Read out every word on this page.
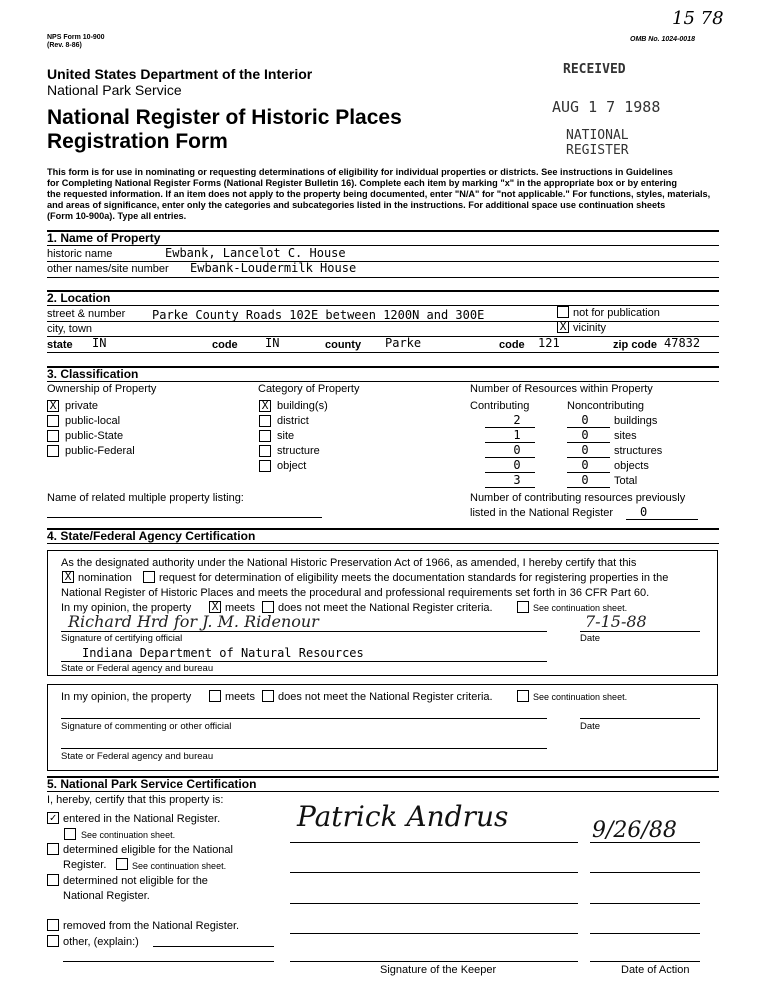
NPS Form 10-900
(Rev. 8-86)
OMB No. 1024-0018
15 78
United States Department of the Interior
National Park Service
National Register of Historic Places
Registration Form
RECEIVED
AUG 1 7 1988
NATIONAL
REGISTER
This form is for use in nominating or requesting determinations of eligibility for individual properties or districts. See instructions in Guidelines
for Completing National Register Forms (National Register Bulletin 16). Complete each item by marking "x" in the appropriate box or by entering
the requested information. If an item does not apply to the property being documented, enter "N/A" for "not applicable." For functions, styles, materials,
and areas of significance, enter only the categories and subcategories listed in the instructions. For additional space use continuation sheets
(Form 10-900a). Type all entries.
1. Name of Property
historic name	Ewbank, Lancelot C. House
other names/site number Ewbank-Loudermilk House
2. Location
street & number Parke County Roads 102E between 1200N and 300E	not for publication
city, town	X vicinity
state IN	code IN	county Parke	code 121	zip code 47832
3. Classification
Ownership of Property
X private
public-local
public-State
public-Federal
Category of Property
X building(s)
district
site
structure
object
Number of Resources within Property
Contributing	Noncontributing
2	0	buildings
1	0	sites
0	0	structures
0	0	objects
3	0	Total
Name of related multiple property listing:	Number of contributing resources previously
listed in the National Register 0
4. State/Federal Agency Certification
As the designated authority under the National Historic Preservation Act of 1966, as amended, I hereby certify that this
X nomination request for determination of eligibility meets the documentation standards for registering properties in the
National Register of Historic Places and meets the procedural and professional requirements set forth in 36 CFR Part 60.
In my opinion, the property X meets does not meet the National Register criteria.	See continuation sheet.
Richard Hrd for J. M. Ridenour	7-15-88
Signature of certifying official	Date
Indiana Department of Natural Resources
State or Federal agency and bureau
In my opinion, the property	meets does not meet the National Register criteria.	See continuation sheet.
Signature of commenting or other official	Date
State or Federal agency and bureau
5. National Park Service Certification
I, hereby, certify that this property is:
✓ entered in the National Register.
See continuation sheet.
determined eligible for the National
Register.	See continuation sheet.
determined not eligible for the
National Register.
removed from the National Register.
other, (explain:)
Patrick Andrus	9/26/88
Signature of the Keeper	Date of Action
